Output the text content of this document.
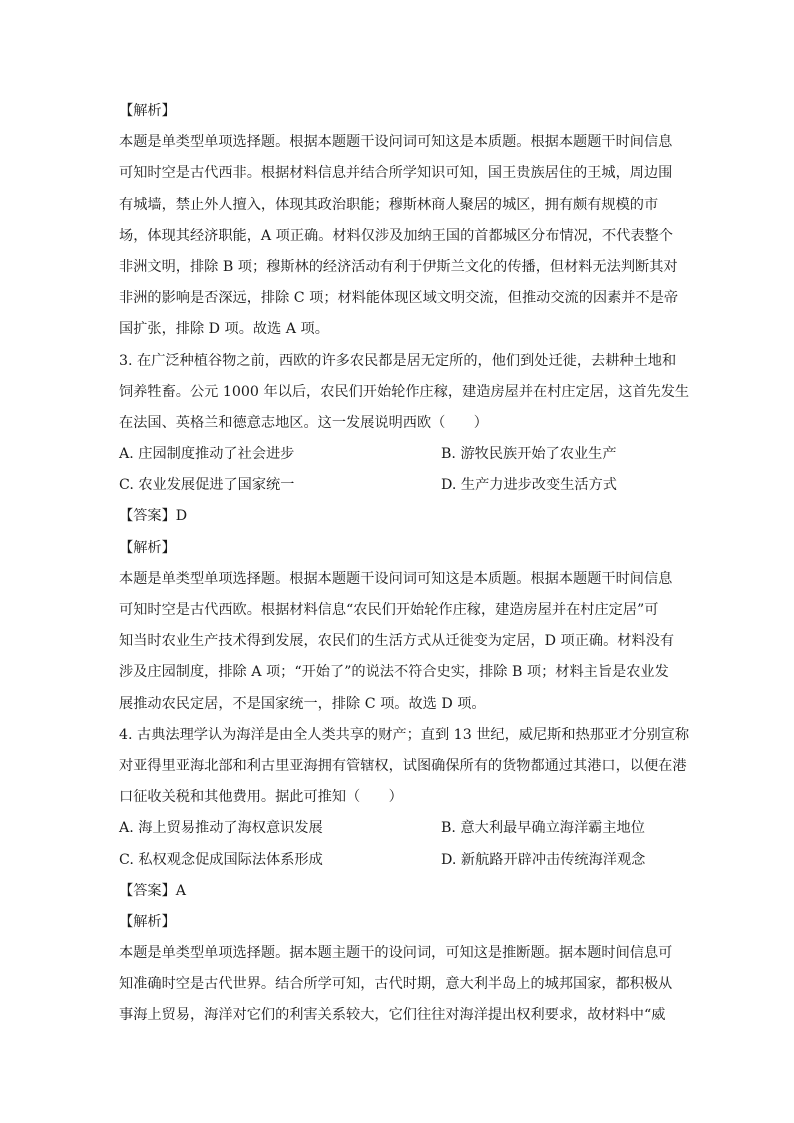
【解析】
本题是单类型单项选择题。根据本题题干设问词可知这是本质题。根据本题题干时间信息
可知时空是古代西非。根据材料信息并结合所学知识可知，国王贵族居住的王城，周边围
有城墙，禁止外人擅入，体现其政治职能；穆斯林商人聚居的城区，拥有颇有规模的市
场，体现其经济职能，A 项正确。材料仅涉及加纳王国的首都城区分布情况，不代表整个
非洲文明，排除 B 项；穆斯林的经济活动有利于伊斯兰文化的传播，但材料无法判断其对
非洲的影响是否深远，排除 C 项；材料能体现区域文明交流，但推动交流的因素并不是帝
国扩张，排除 D 项。故选 A 项。
3. 在广泛种植谷物之前，西欧的许多农民都是居无定所的，他们到处迁徙，去耕种土地和
饲养牲畜。公元 1000 年以后，农民们开始轮作庄稼，建造房屋并在村庄定居，这首先发生
在法国、英格兰和德意志地区。这一发展说明西欧（　　）
A. 庄园制度推动了社会进步	B. 游牧民族开始了农业生产
C. 农业发展促进了国家统一	D. 生产力进步改变生活方式
【答案】D
【解析】
本题是单类型单项选择题。根据本题题干设问词可知这是本质题。根据本题题干时间信息
可知时空是古代西欧。根据材料信息“农民们开始轮作庄稼，建造房屋并在村庄定居”可
知当时农业生产技术得到发展，农民们的生活方式从迁徙变为定居，D 项正确。材料没有
涉及庄园制度，排除 A 项；“开始了”的说法不符合史实，排除 B 项；材料主旨是农业发
展推动农民定居，不是国家统一，排除 C 项。故选 D 项。
4. 古典法理学认为海洋是由全人类共享的财产；直到 13 世纪，威尼斯和热那亚才分别宣称
对亚得里亚海北部和利古里亚海拥有管辖权，试图确保所有的货物都通过其港口，以便在港
口征收关税和其他费用。据此可推知（　　）
A. 海上贸易推动了海权意识发展	B. 意大利最早确立海洋霸主地位
C. 私权观念促成国际法体系形成	D. 新航路开辟冲击传统海洋观念
【答案】A
【解析】
本题是单类型单项选择题。据本题主题干的设问词，可知这是推断题。据本题时间信息可
知准确时空是古代世界。结合所学可知，古代时期，意大利半岛上的城邦国家，都积极从
事海上贸易，海洋对它们的利害关系较大，它们往往对海洋提出权利要求，故材料中“威
